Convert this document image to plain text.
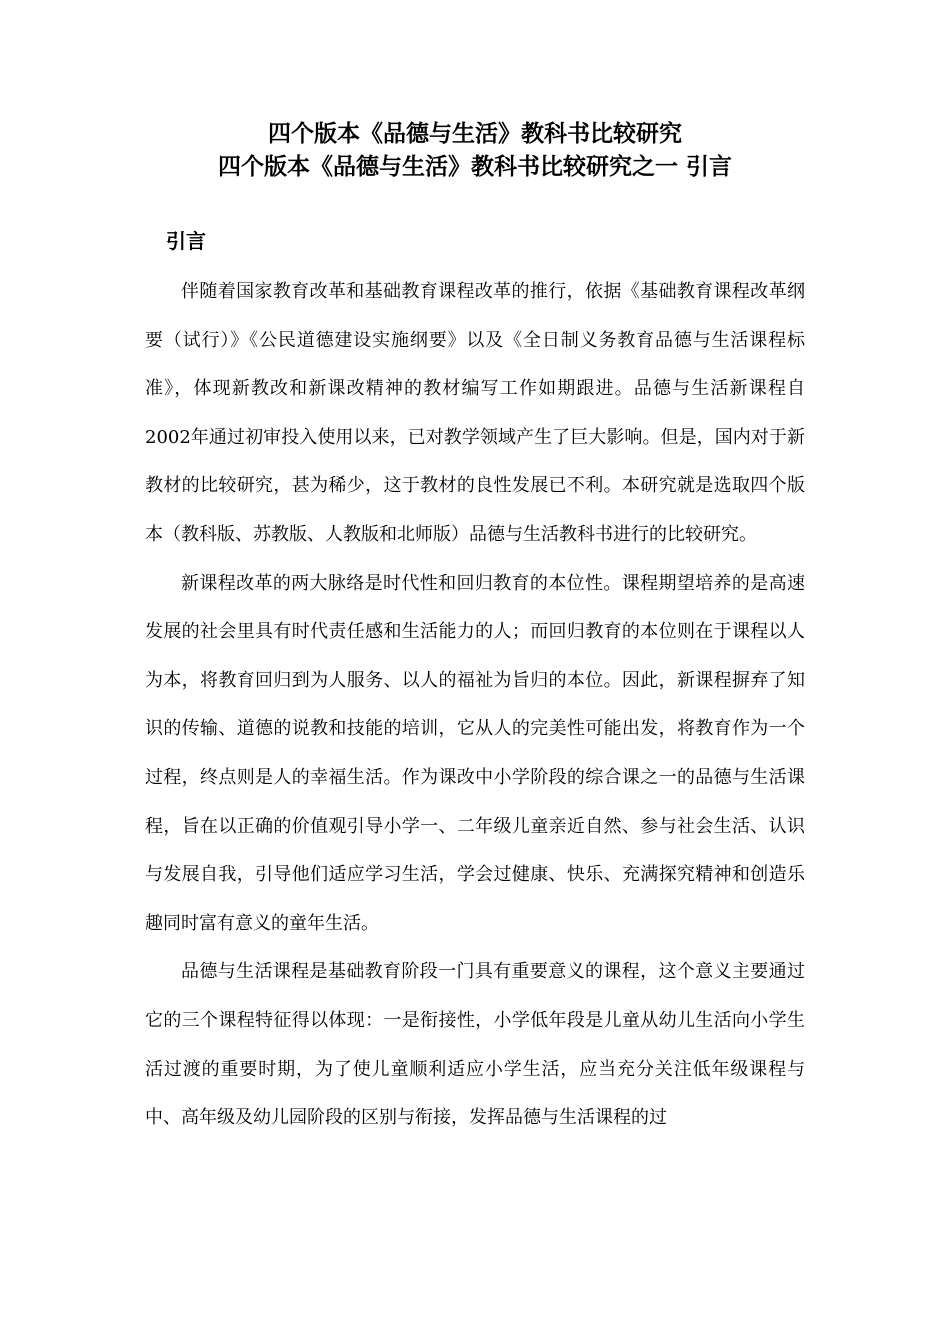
四个版本《品德与生活》教科书比较研究
四个版本《品德与生活》教科书比较研究之一 引言
引言

伴随着国家教育改革和基础教育课程改革的推行，依据《基础教育课程改革纲要（试行）》《公民道德建设实施纲要》以及《全日制义务教育品德与生活课程标准》，体现新教改和新课改精神的教材编写工作如期跟进。品德与生活新课程自2002年通过初审投入使用以来，已对教学领域产生了巨大影响。但是，国内对于新教材的比较研究，甚为稀少，这于教材的良性发展已不利。本研究就是选取四个版本（教科版、苏教版、人教版和北师版）品德与生活教科书进行的比较研究。

新课程改革的两大脉络是时代性和回归教育的本位性。课程期望培养的是高速发展的社会里具有时代责任感和生活能力的人；而回归教育的本位则在于课程以人为本，将教育回归到为人服务、以人的福祉为旨归的本位。因此，新课程摒弃了知识的传输、道德的说教和技能的培训，它从人的完美性可能出发，将教育作为一个过程，终点则是人的幸福生活。作为课改中小学阶段的综合课之一的品德与生活课程，旨在以正确的价值观引导小学一、二年级儿童亲近自然、参与社会生活、认识与发展自我，引导他们适应学习生活，学会过健康、快乐、充满探究精神和创造乐趣同时富有意义的童年生活。

品德与生活课程是基础教育阶段一门具有重要意义的课程，这个意义主要通过它的三个课程特征得以体现：一是衔接性，小学低年段是儿童从幼儿生活向小学生活过渡的重要时期，为了使儿童顺利适应小学生活，应当充分关注低年级课程与中、高年级及幼儿园阶段的区别与衔接，发挥品德与生活课程的过
